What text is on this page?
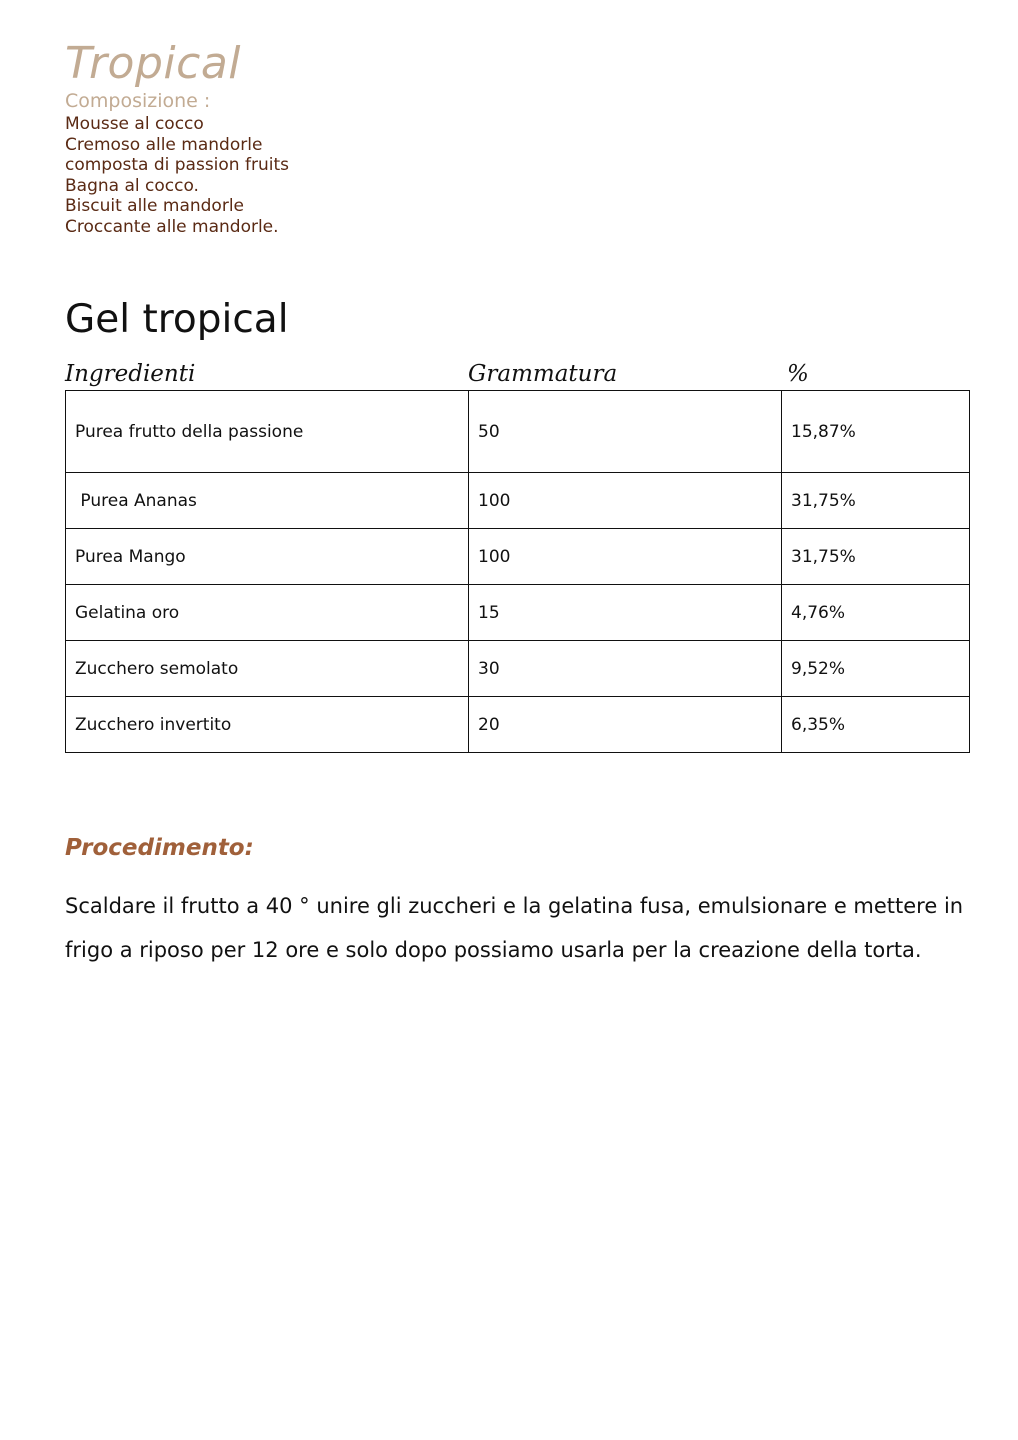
Tropical
Composizione :
Mousse al cocco
Cremoso alle mandorle
composta di passion fruits
Bagna al cocco.
Biscuit alle mandorle
Croccante alle mandorle.
Gel tropical
Ingredienti	Grammatura	%
Purea frutto della passione	50	15,87%
Purea Ananas	100	31,75%
Purea Mango	100	31,75%
Gelatina oro	15	4,76%
Zucchero semolato	30	9,52%
Zucchero invertito	20	6,35%
Procedimento:

Scaldare il frutto a 40 ° unire gli zuccheri e la gelatina fusa, emulsionare e mettere in frigo a riposo per 12 ore e solo dopo possiamo usarla per la creazione della torta.
